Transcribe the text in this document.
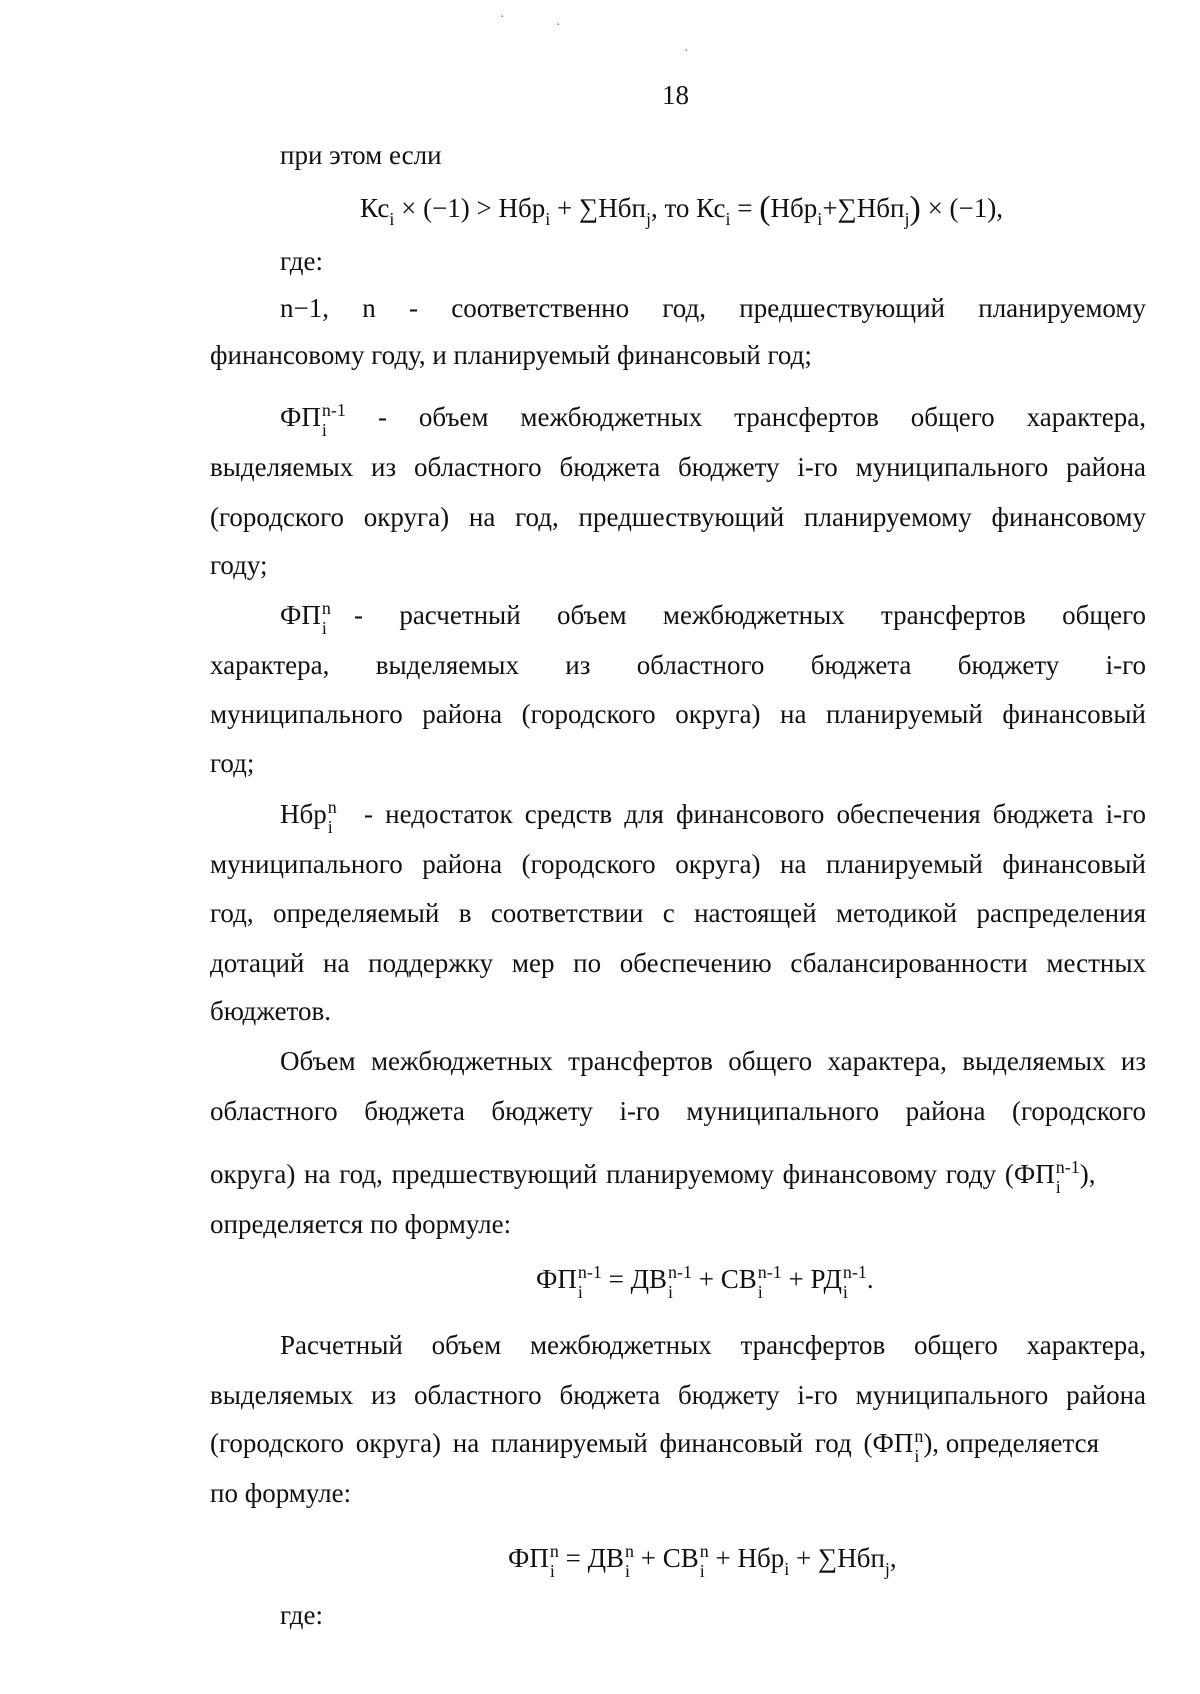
·
·
·
18
при этом если
$Кс_i \times (-1) > Нбр_i + \sum Нбп_j$, то $Кс_i = (Нбр_i+\sum Нбп_j) \times (-1)$,
где:
n−1, n - соответственно год, предшествующий планируемому
финансовому году, и планируемый финансовый год;
ФП n-1
i	- объем межбюджетных трансфертов общего характера,
выделяемых из областного бюджета бюджету i-го муниципального района
(городского округа) на год, предшествующий планируемому финансовому
году;
ФП n
i - расчетный объем межбюджетных трансфертов общего
характера, выделяемых из областного бюджета бюджету i-го
муниципального района (городского округа) на планируемый финансовый
год;
Нбр n
i - недостаток средств для финансового обеспечения бюджета i-го
муниципального района (городского округа) на планируемый финансовый
год, определяемый в соответствии с настоящей методикой распределения
дотаций на поддержку мер по обеспечению сбалансированности местных
бюджетов.
Объем межбюджетных трансфертов общего характера, выделяемых из
областного бюджета бюджету i-го муниципального района (городского
округа) на год, предшествующий планируемому финансовому году (ФП n-1
i ),
определяется по формуле:
ФП n-1
i = ДВ n-1
i + СВ n-1
i + РД n-1
i .
Расчетный объем межбюджетных трансфертов общего характера,
выделяемых из областного бюджета бюджету i-го муниципального района
(городского округа) на планируемый финансовый год (ФП n
i ), определяется
по формуле:
ФП n
i = ДВ n
i + СВ n
i + Нбр$_i$ + ∑Нбп$_j$,
где:
